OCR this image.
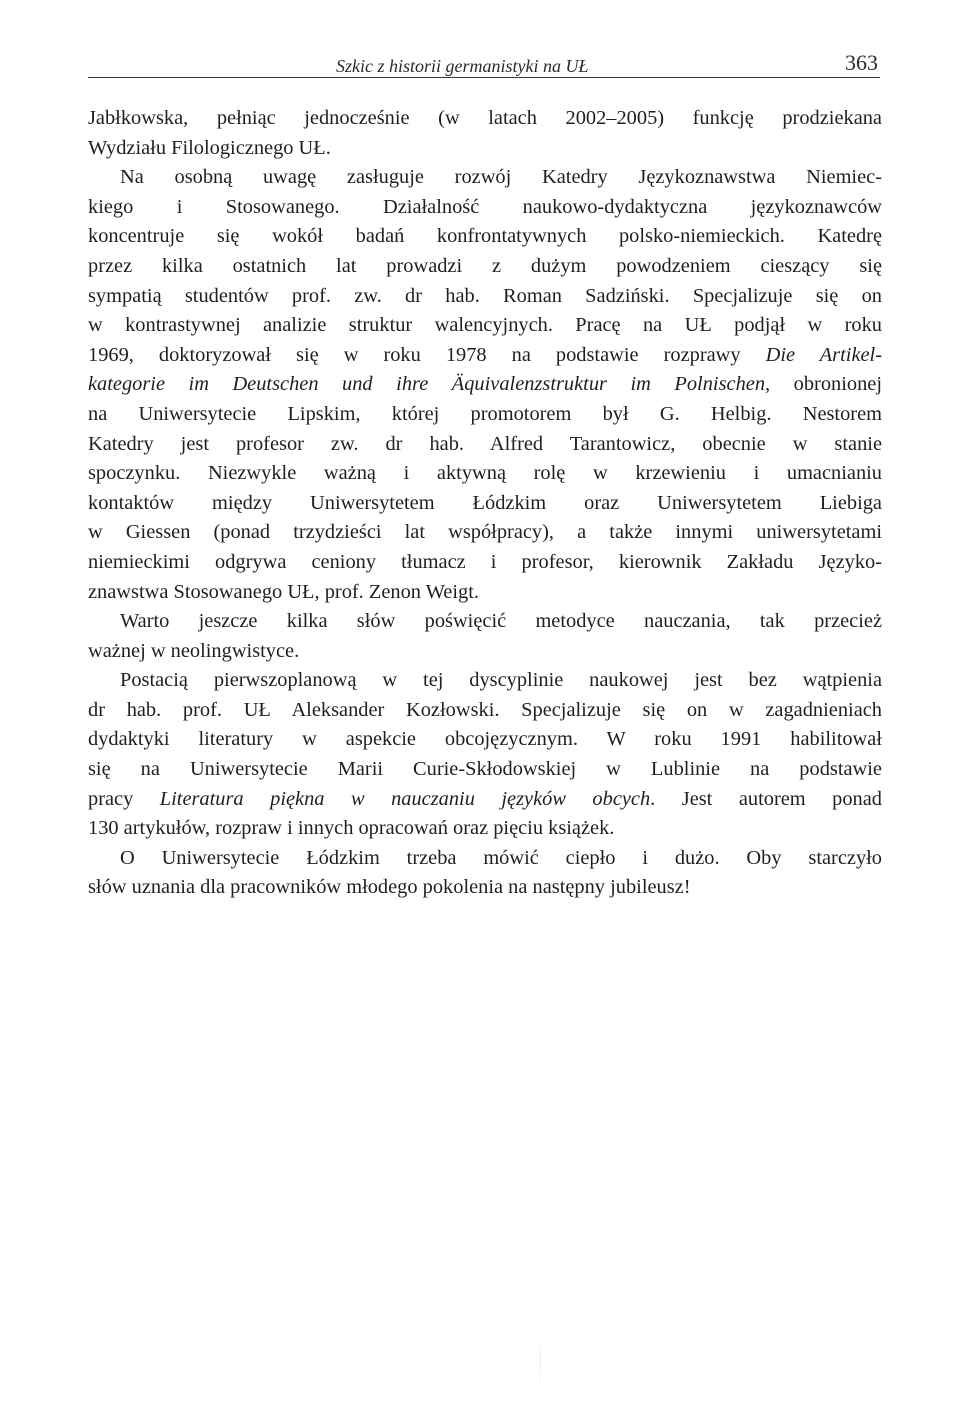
Szkic z historii germanistyki na UŁ	363
Jabłkowska, pełniąc jednocześnie (w latach 2002–2005) funkcję prodziekana
Wydziału Filologicznego UŁ.
Na osobną uwagę zasługuje rozwój Katedry Językoznawstwa Niemiec-
kiego i Stosowanego. Działalność naukowo-dydaktyczna językoznawców
koncentruje się wokół badań konfrontatywnych polsko-niemieckich. Katedrę
przez kilka ostatnich lat prowadzi z dużym powodzeniem cieszący się
sympatią studentów prof. zw. dr hab. Roman Sadziński. Specjalizuje się on
w kontrastywnej analizie struktur walencyjnych. Pracę na UŁ podjął w roku
1969, doktoryzował się w roku 1978 na podstawie rozprawy Die Artikel-
kategorie im Deutschen und ihre Äquivalenzstruktur im Polnischen, obronionej
na Uniwersytecie Lipskim, której promotorem był G. Helbig. Nestorem
Katedry jest profesor zw. dr hab. Alfred Tarantowicz, obecnie w stanie
spoczynku. Niezwykle ważną i aktywną rolę w krzewieniu i umacnianiu
kontaktów między Uniwersytetem Łódzkim oraz Uniwersytetem Liebiga
w Giessen (ponad trzydzieści lat współpracy), a także innymi uniwersytetami
niemieckimi odgrywa ceniony tłumacz i profesor, kierownik Zakładu Języko-
znawstwa Stosowanego UŁ, prof. Zenon Weigt.
Warto jeszcze kilka słów poświęcić metodyce nauczania, tak przecież
ważnej w neolingwistyce.
Postacią pierwszoplanową w tej dyscyplinie naukowej jest bez wątpienia
dr hab. prof. UŁ Aleksander Kozłowski. Specjalizuje się on w zagadnieniach
dydaktyki literatury w aspekcie obcojęzycznym. W roku 1991 habilitował
się na Uniwersytecie Marii Curie-Skłodowskiej w Lublinie na podstawie
pracy Literatura piękna w nauczaniu języków obcych. Jest autorem ponad
130 artykułów, rozpraw i innych opracowań oraz pięciu książek.
O Uniwersytecie Łódzkim trzeba mówić ciepło i dużo. Oby starczyło
słów uznania dla pracowników młodego pokolenia na następny jubileusz!
